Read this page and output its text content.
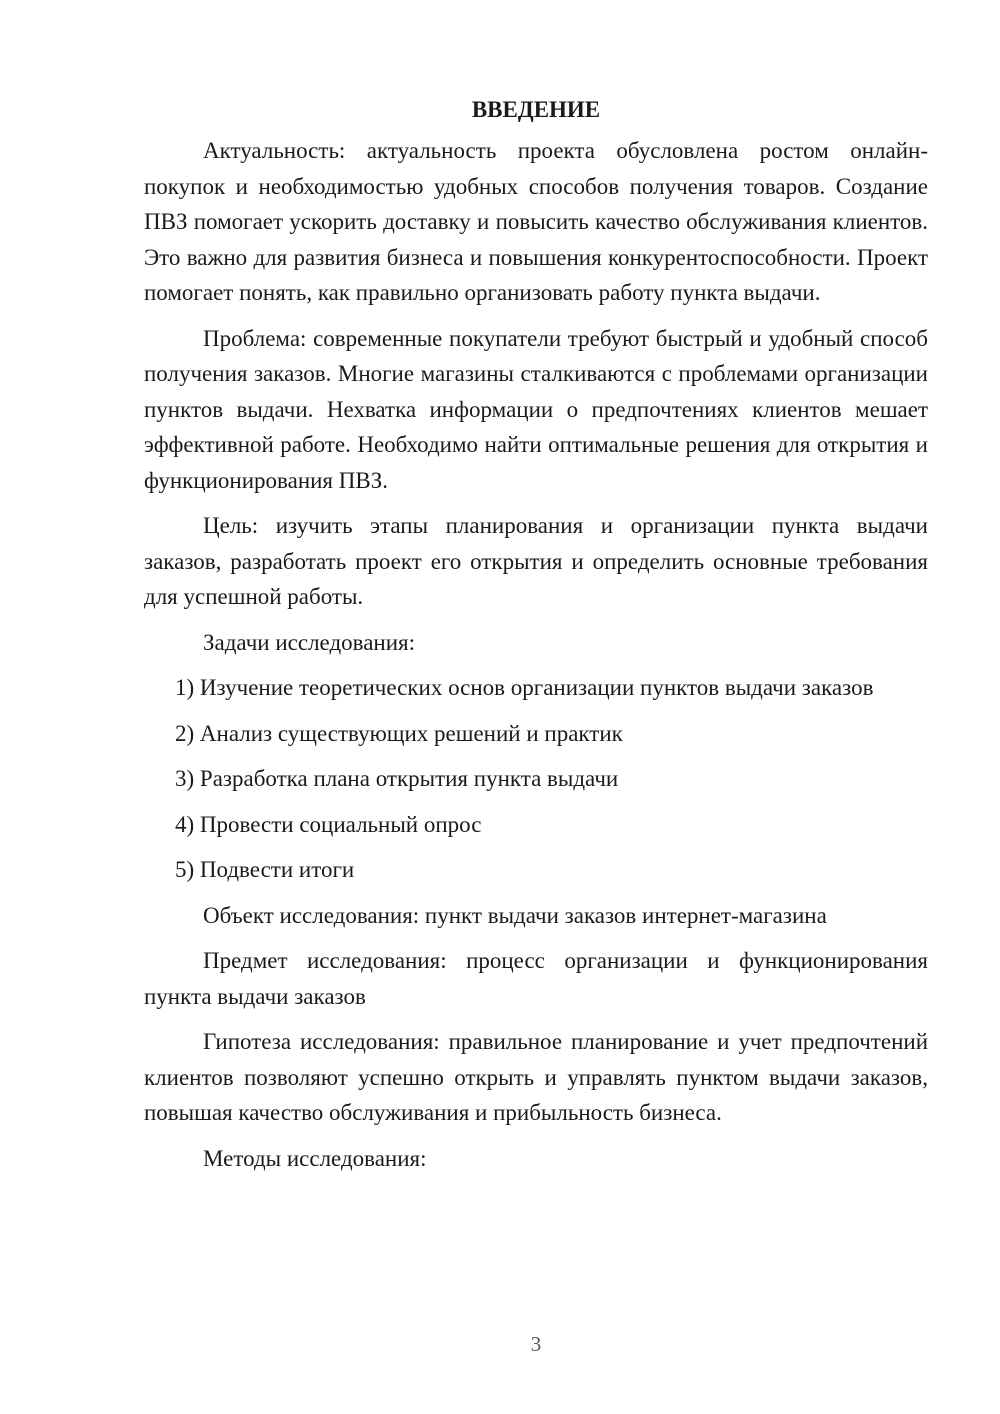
ВВЕДЕНИЕ

Актуальность: актуальность проекта обусловлена ростом онлайн-покупок и необходимостью удобных способов получения товаров. Создание ПВЗ помогает ускорить доставку и повысить качество обслуживания клиентов. Это важно для развития бизнеса и повышения конкурентоспособности. Проект помогает понять, как правильно организовать работу пункта выдачи.

Проблема: современные покупатели требуют быстрый и удобный способ получения заказов. Многие магазины сталкиваются с проблемами организации пунктов выдачи. Нехватка информации о предпочтениях клиентов мешает эффективной работе. Необходимо найти оптимальные решения для открытия и функционирования ПВЗ.

Цель: изучить этапы планирования и организации пункта выдачи заказов, разработать проект его открытия и определить основные требования для успешной работы.

Задачи исследования:

1) Изучение теоретических основ организации пунктов выдачи заказов

2) Анализ существующих решений и практик

3) Разработка плана открытия пункта выдачи

4) Провести социальный опрос

5) Подвести итоги

Объект исследования: пункт выдачи заказов интернет-магазина

Предмет исследования: процесс организации и функционирования пункта выдачи заказов

Гипотеза исследования: правильное планирование и учет предпочтений клиентов позволяют успешно открыть и управлять пунктом выдачи заказов, повышая качество обслуживания и прибыльность бизнеса.

Методы исследования:

3
